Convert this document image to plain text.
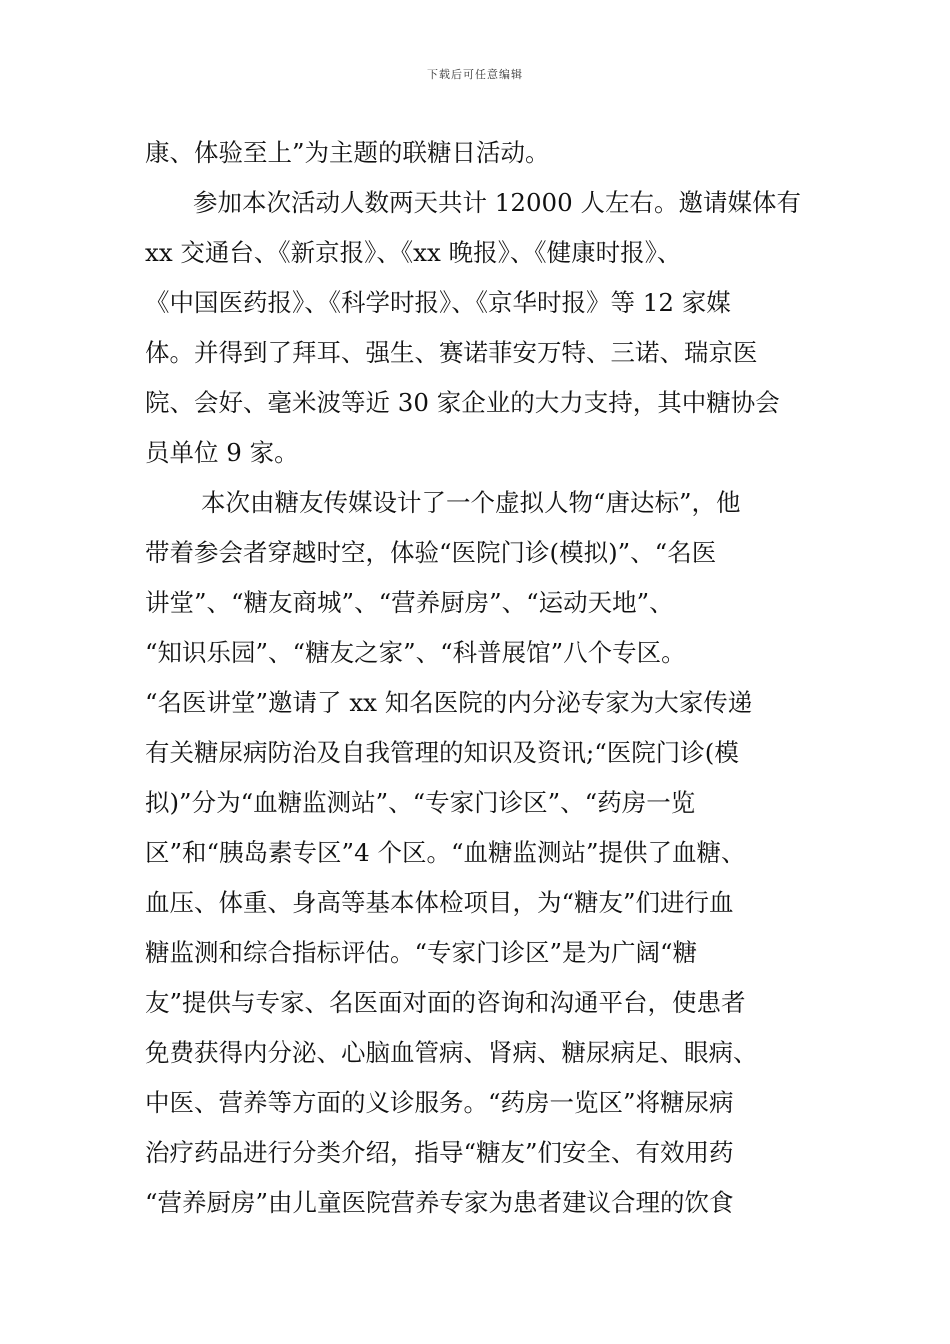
下载后可任意编辑
康、体验至上”为主题的联糖日活动。
参加本次活动人数两天共计 12000 人左右。邀请媒体有
xx 交通台、《新京报》、《xx 晚报》、《健康时报》、
《中国医药报》、《科学时报》、《京华时报》等 12 家媒
体。并得到了拜耳、强生、赛诺菲安万特、三诺、瑞京医
院、会好、毫米波等近 30 家企业的大力支持，其中糖协会
员单位 9 家。
本次由糖友传媒设计了一个虚拟人物“唐达标”，他
带着参会者穿越时空，体验“医院门诊(模拟)”、“名医
讲堂”、“糖友商城”、“营养厨房”、“运动天地”、
“知识乐园”、“糖友之家”、“科普展馆”八个专区。
“名医讲堂”邀请了 xx 知名医院的内分泌专家为大家传递
有关糖尿病防治及自我管理的知识及资讯;“医院门诊(模
拟)”分为“血糖监测站”、“专家门诊区”、“药房一览
区”和“胰岛素专区”4 个区。“血糖监测站”提供了血糖、
血压、体重、身高等基本体检项目，为“糖友”们进行血
糖监测和综合指标评估。“专家门诊区”是为广阔“糖
友”提供与专家、名医面对面的咨询和沟通平台，使患者
免费获得内分泌、心脑血管病、肾病、糖尿病足、眼病、
中医、营养等方面的义诊服务。“药房一览区”将糖尿病
治疗药品进行分类介绍，指导“糖友”们安全、有效用药
“营养厨房”由儿童医院营养专家为患者建议合理的饮食
